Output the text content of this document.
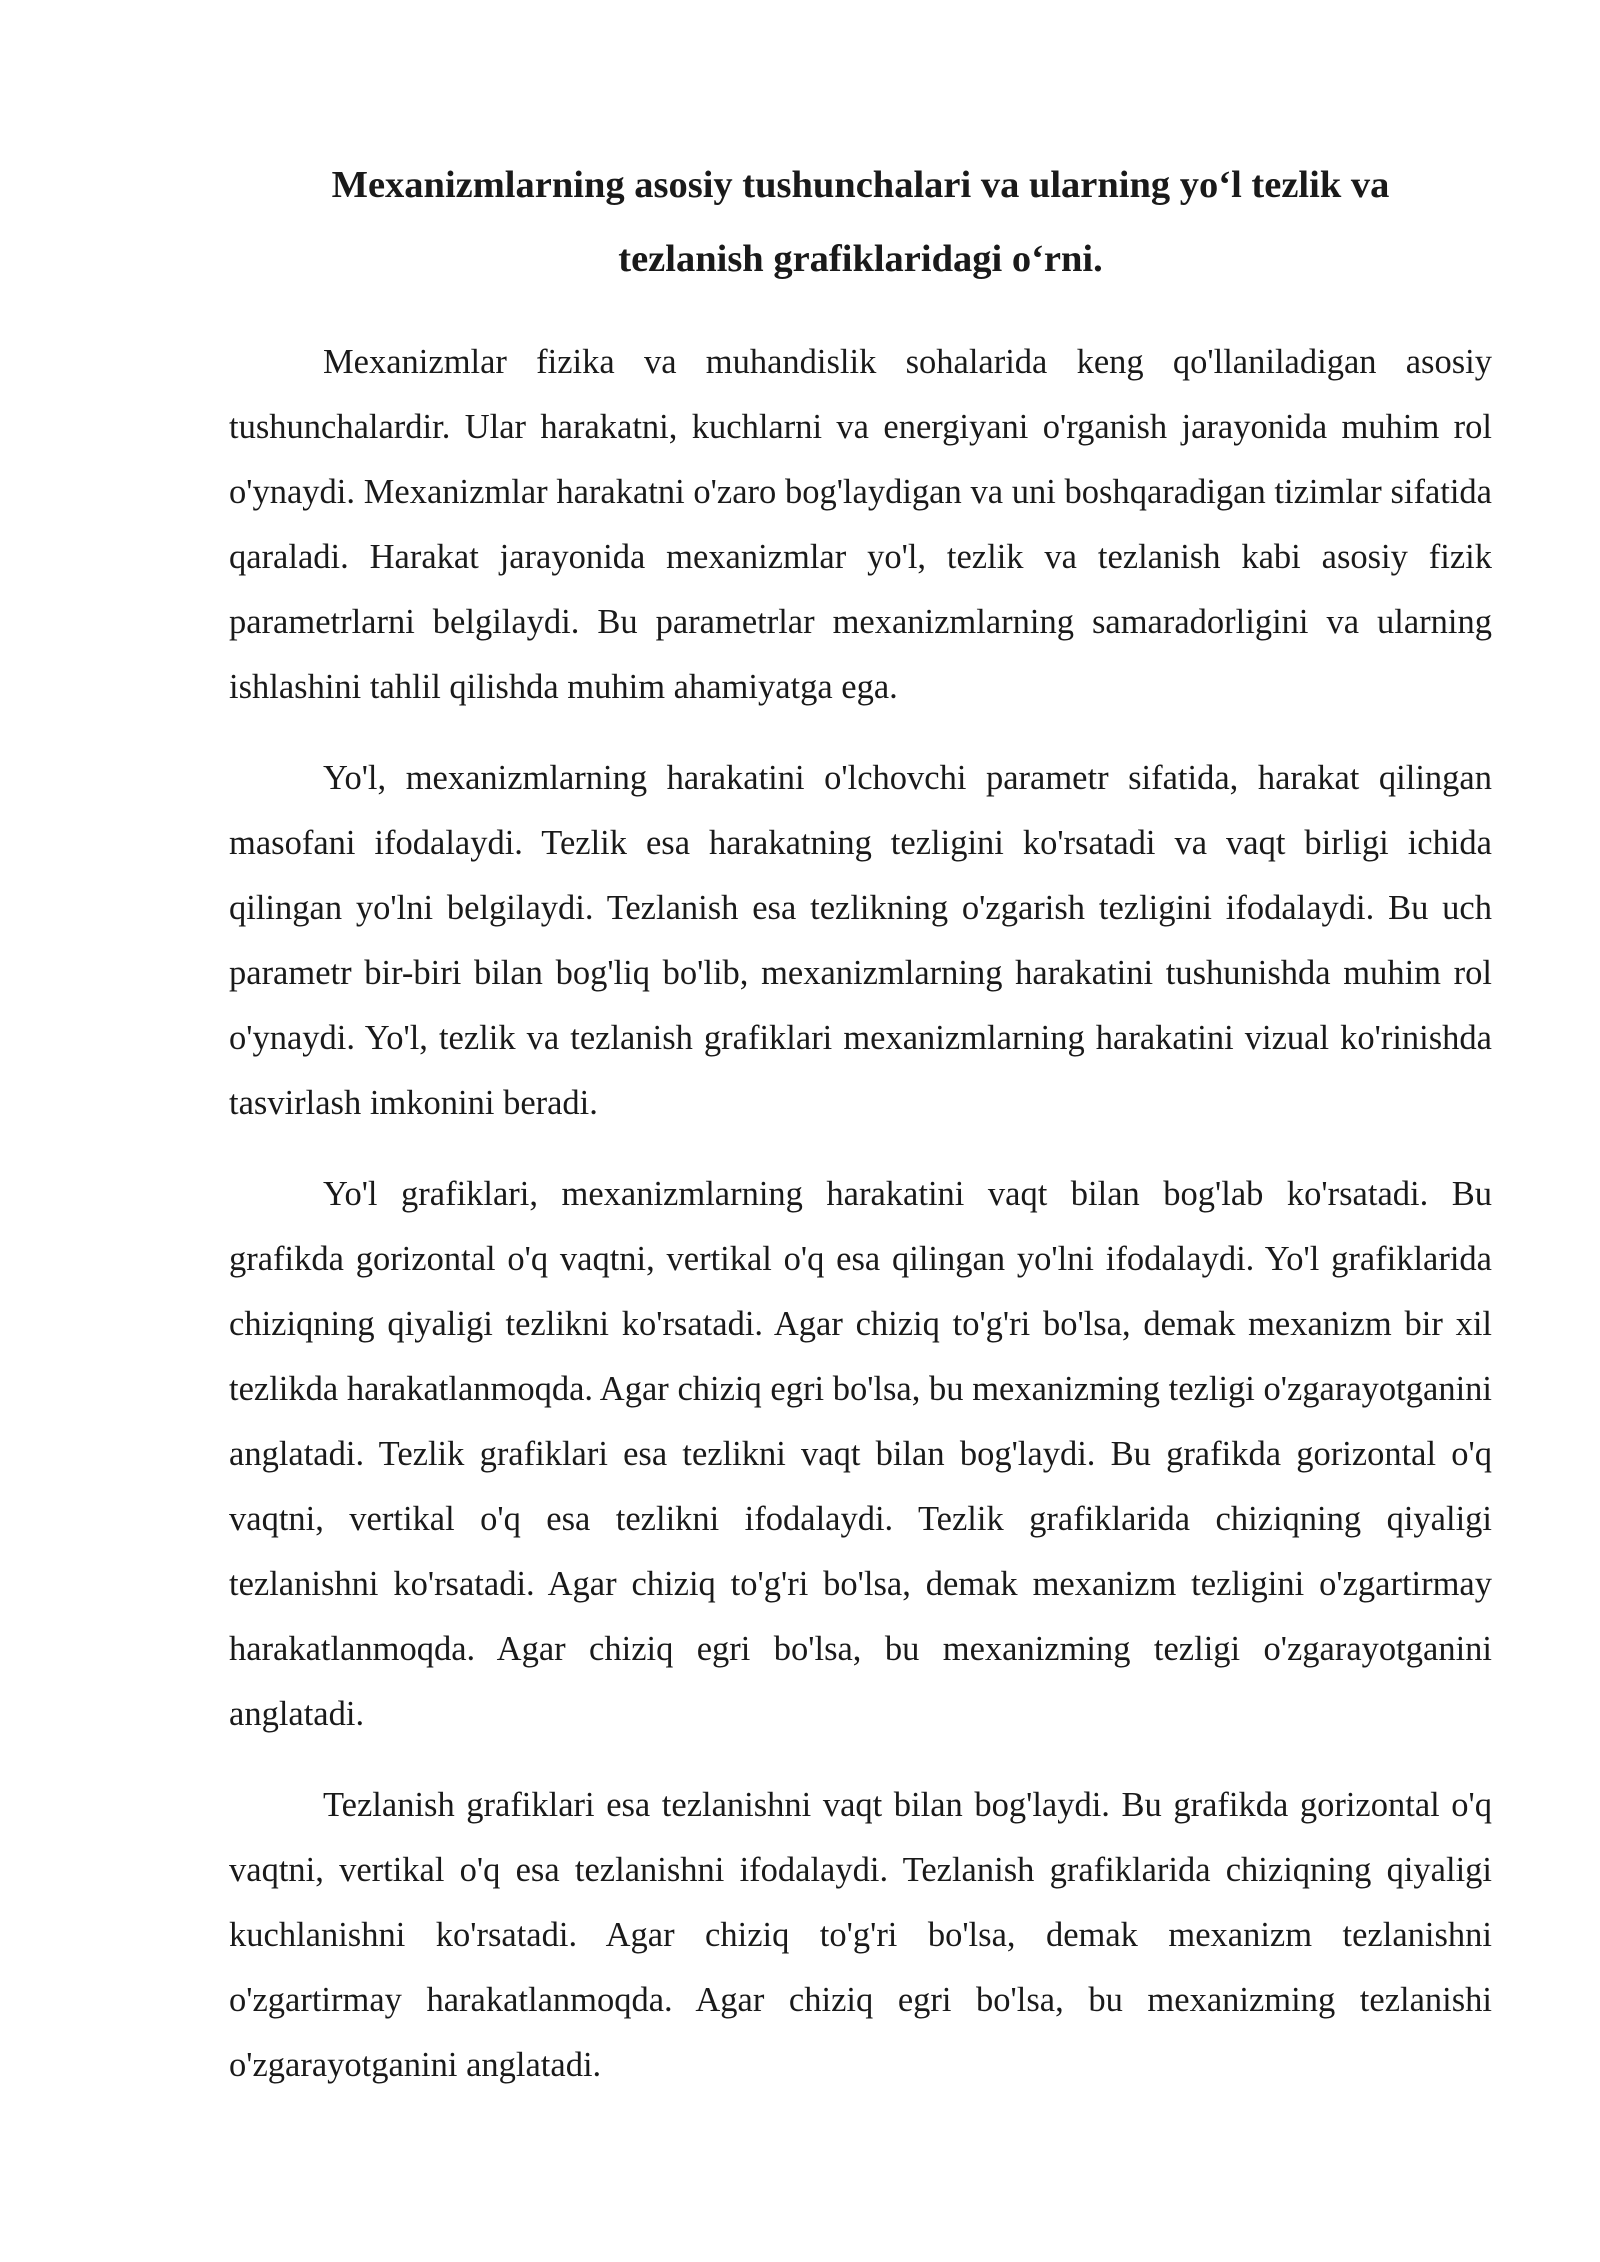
Mexanizmlarning asosiy tushunchalari va ularning yo‘l tezlik va
tezlanish grafiklaridagi o‘rni.

Mexanizmlar fizika va muhandislik sohalarida keng qo'llaniladigan asosiy tushunchalardir. Ular harakatni, kuchlarni va energiyani o'rganish jarayonida muhim rol o'ynaydi. Mexanizmlar harakatni o'zaro bog'laydigan va uni boshqaradigan tizimlar sifatida qaraladi. Harakat jarayonida mexanizmlar yo'l, tezlik va tezlanish kabi asosiy fizik parametrlarni belgilaydi. Bu parametrlar mexanizmlarning samaradorligini va ularning ishlashini tahlil qilishda muhim ahamiyatga ega.

Yo'l, mexanizmlarning harakatini o'lchovchi parametr sifatida, harakat qilingan masofani ifodalaydi. Tezlik esa harakatning tezligini ko'rsatadi va vaqt birligi ichida qilingan yo'lni belgilaydi. Tezlanish esa tezlikning o'zgarish tezligini ifodalaydi. Bu uch parametr bir-biri bilan bog'liq bo'lib, mexanizmlarning harakatini tushunishda muhim rol o'ynaydi. Yo'l, tezlik va tezlanish grafiklari mexanizmlarning harakatini vizual ko'rinishda tasvirlash imkonini beradi.

Yo'l grafiklari, mexanizmlarning harakatini vaqt bilan bog'lab ko'rsatadi. Bu grafikda gorizontal o'q vaqtni, vertikal o'q esa qilingan yo'lni ifodalaydi. Yo'l grafiklarida chiziqning qiyaligi tezlikni ko'rsatadi. Agar chiziq to'g'ri bo'lsa, demak mexanizm bir xil tezlikda harakatlanmoqda. Agar chiziq egri bo'lsa, bu mexanizming tezligi o'zgarayotganini anglatadi. Tezlik grafiklari esa tezlikni vaqt bilan bog'laydi. Bu grafikda gorizontal o'q vaqtni, vertikal o'q esa tezlikni ifodalaydi. Tezlik grafiklarida chiziqning qiyaligi tezlanishni ko'rsatadi. Agar chiziq to'g'ri bo'lsa, demak mexanizm tezligini o'zgartirmay harakatlanmoqda. Agar chiziq egri bo'lsa, bu mexanizming tezligi o'zgarayotganini anglatadi.

Tezlanish grafiklari esa tezlanishni vaqt bilan bog'laydi. Bu grafikda gorizontal o'q vaqtni, vertikal o'q esa tezlanishni ifodalaydi. Tezlanish grafiklarida chiziqning qiyaligi kuchlanishni ko'rsatadi. Agar chiziq to'g'ri bo'lsa, demak mexanizm tezlanishni o'zgartirmay harakatlanmoqda. Agar chiziq egri bo'lsa, bu mexanizming tezlanishi o'zgarayotganini anglatadi.
